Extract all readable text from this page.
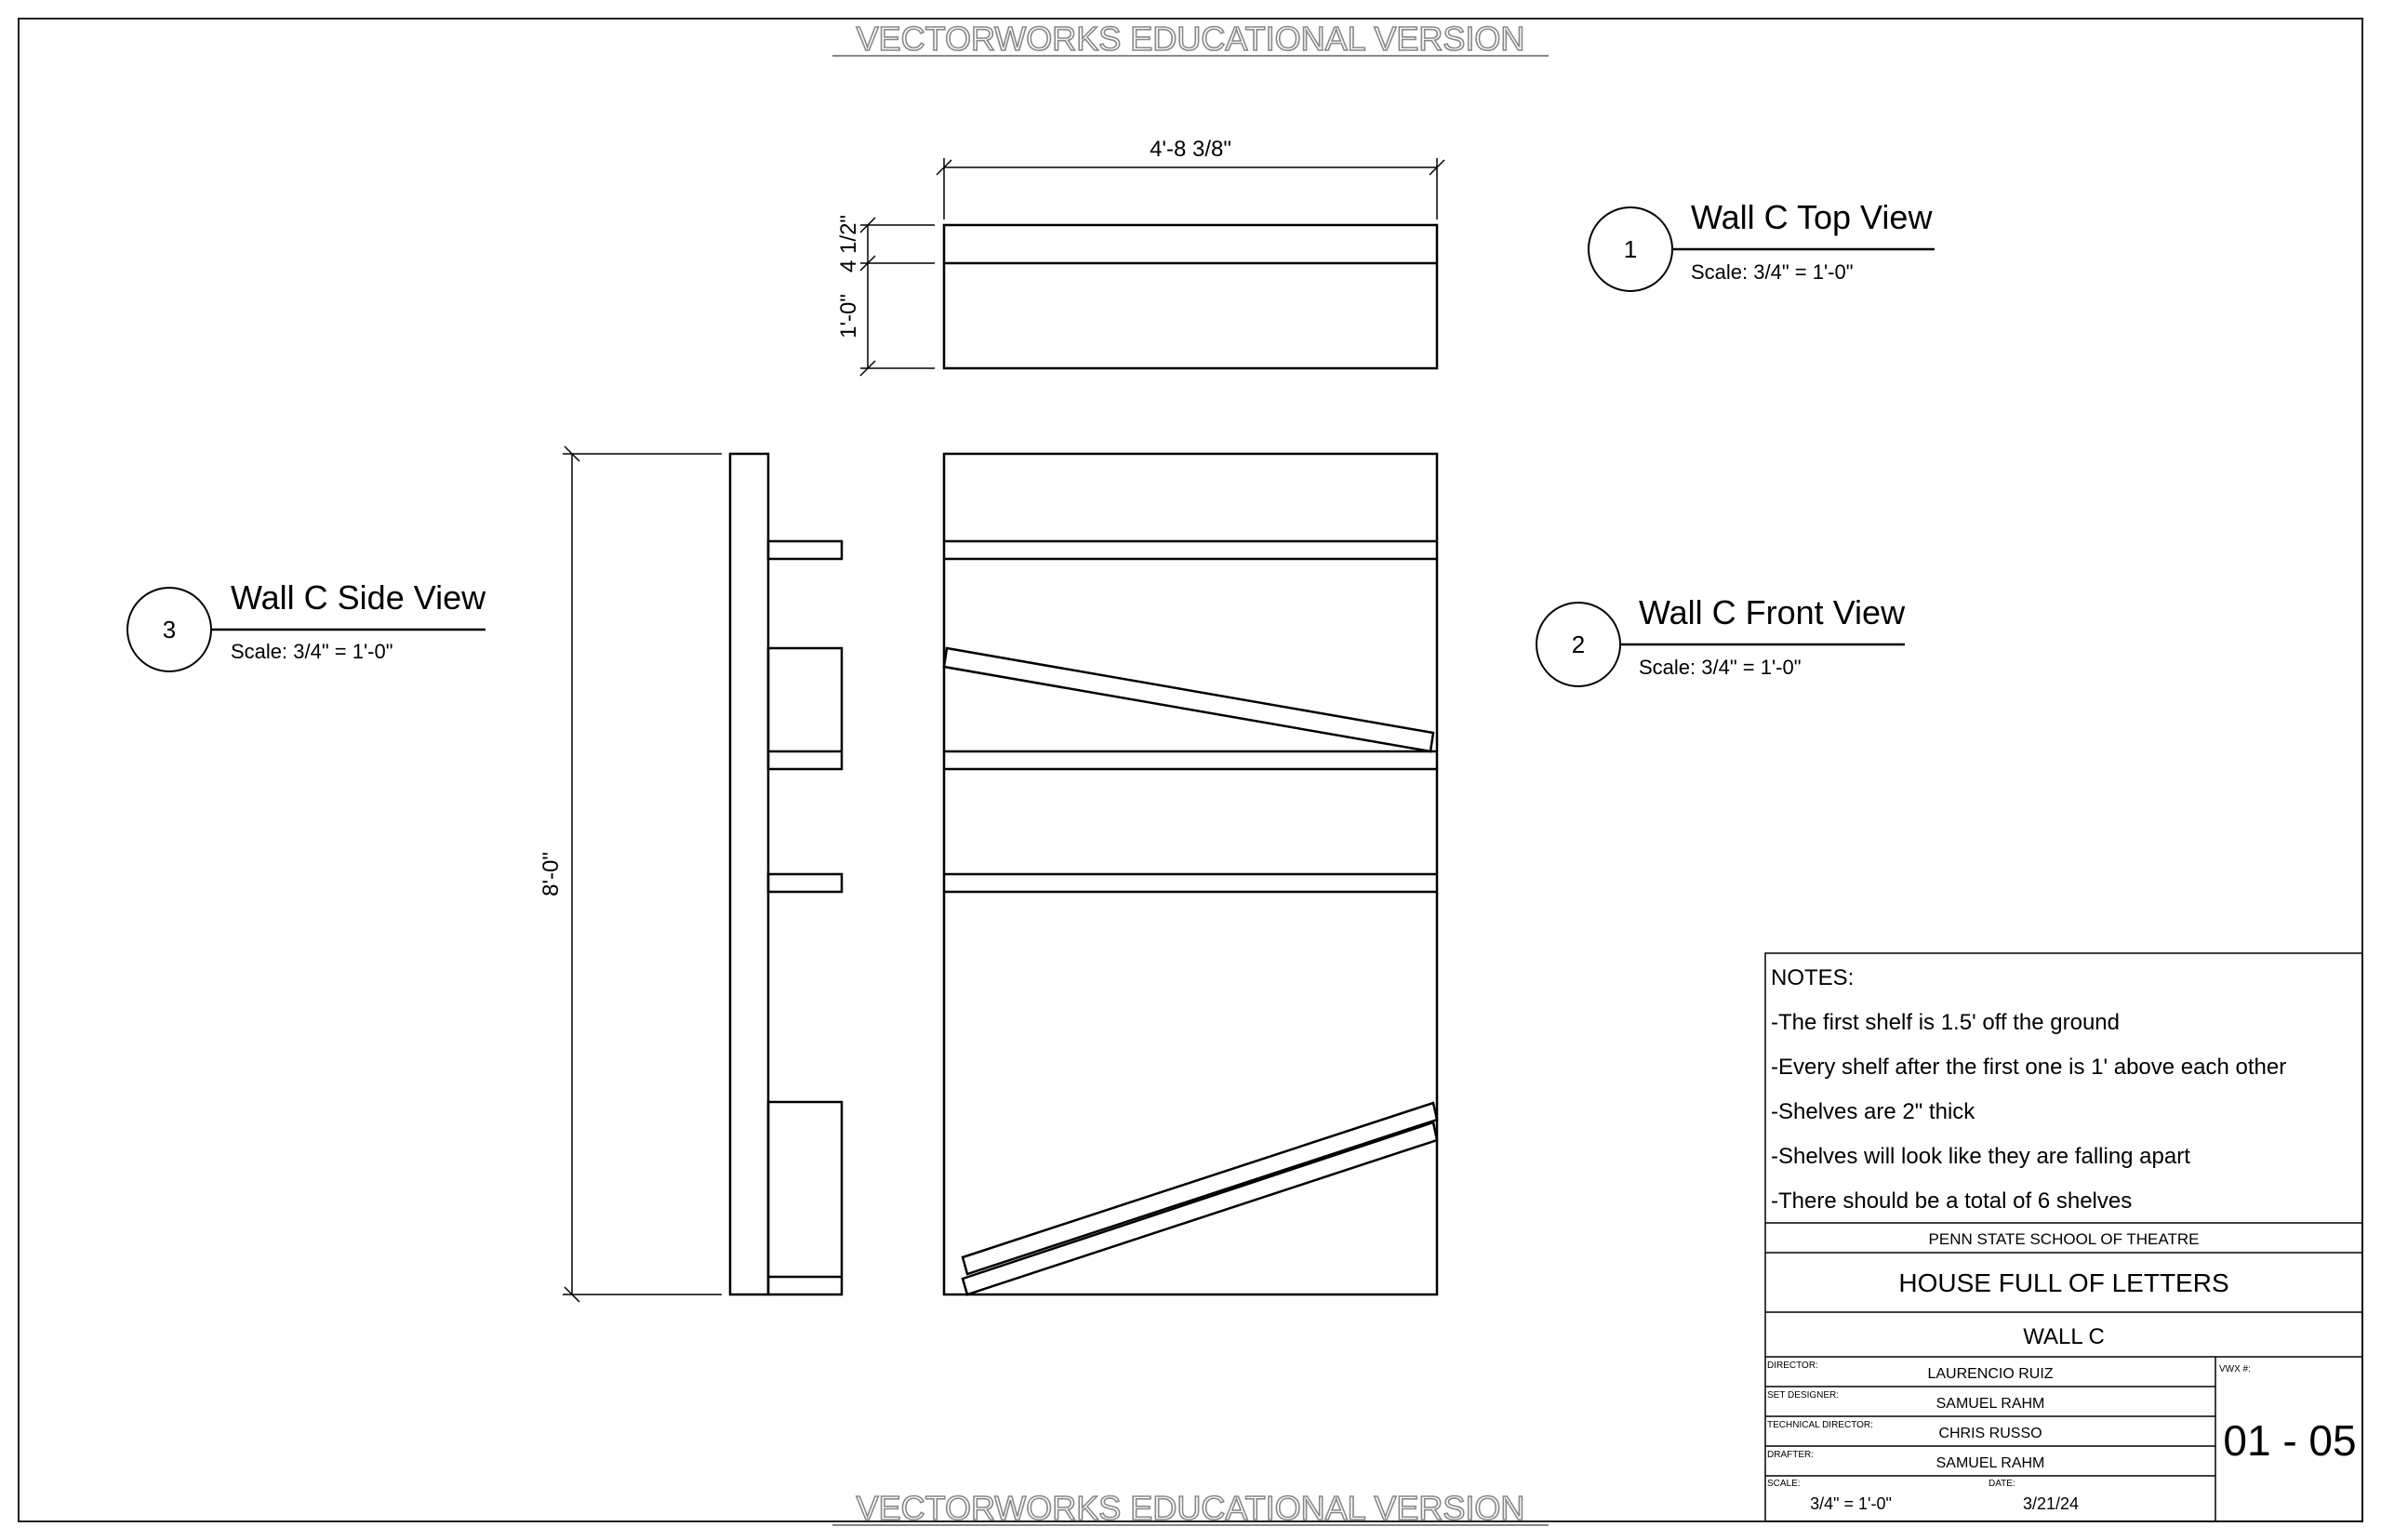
VECTORWORKS EDUCATIONAL VERSION
VECTORWORKS EDUCATIONAL VERSION
4'-8 3/8"
4 1/2"
1'-0"
1
Wall C Top View
Scale: 3/4" = 1'-0"
2
Wall C Front View
Scale: 3/4" = 1'-0"
8'-0"
3
Wall C Side View
Scale: 3/4" = 1'-0"
NOTES:
-The first shelf is 1.5' off the ground
-Every shelf after the first one is 1' above each other
-Shelves are 2" thick
-Shelves will look like they are falling apart
-There should be a total of 6 shelves
PENN STATE SCHOOL OF THEATRE
HOUSE FULL OF LETTERS
WALL C
DIRECTOR:
LAURENCIO RUIZ
SET DESIGNER:
SAMUEL RAHM
TECHNICAL DIRECTOR:
CHRIS RUSSO
DRAFTER:
SAMUEL RAHM
SCALE:
3/4" = 1'-0"
DATE:
3/21/24
VWX #:
01 - 05
